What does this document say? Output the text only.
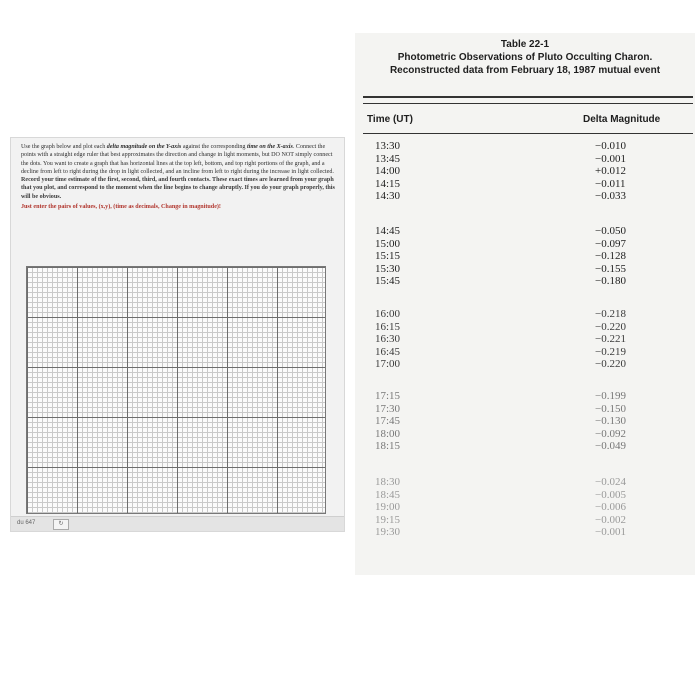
Use the graph below and plot each delta magnitude on the Y-axis against the corresponding time on the X-axis. Connect the points with a straight edge ruler that best approximates the direction and change in light moments, but DO NOT simply connect the dots. You want to create a graph that has horizontal lines at the top left, bottom, and top right portions of the graph, and a decline from left to right during the drop in light collected, and an incline from left to right during the increase in light collected.

Record your time estimate of the first, second, third, and fourth contacts. These exact times are learned from your graph that you plot, and correspond to the moment when the line begins to change abruptly. If you do your graph properly, this will be obvious.

Just enter the pairs of values, (x,y), (time as decimals, Change in magnitude)!

du 647	↻
Table 22-1
Photometric Observations of Pluto Occulting Charon.
Reconstructed data from February 18, 1987 mutual event
Time (UT)	Delta Magnitude
13:30	−0.010
13:45	−0.001
14:00	+0.012
14:15	−0.011
14:30	−0.033
14:45	−0.050
15:00	−0.097
15:15	−0.128
15:30	−0.155
15:45	−0.180
16:00	−0.218
16:15	−0.220
16:30	−0.221
16:45	−0.219
17:00	−0.220
17:15	−0.199
17:30	−0.150
17:45	−0.130
18:00	−0.092
18:15	−0.049
18:30	−0.024
18:45	−0.005
19:00	−0.006
19:15	−0.002
19:30	−0.001
